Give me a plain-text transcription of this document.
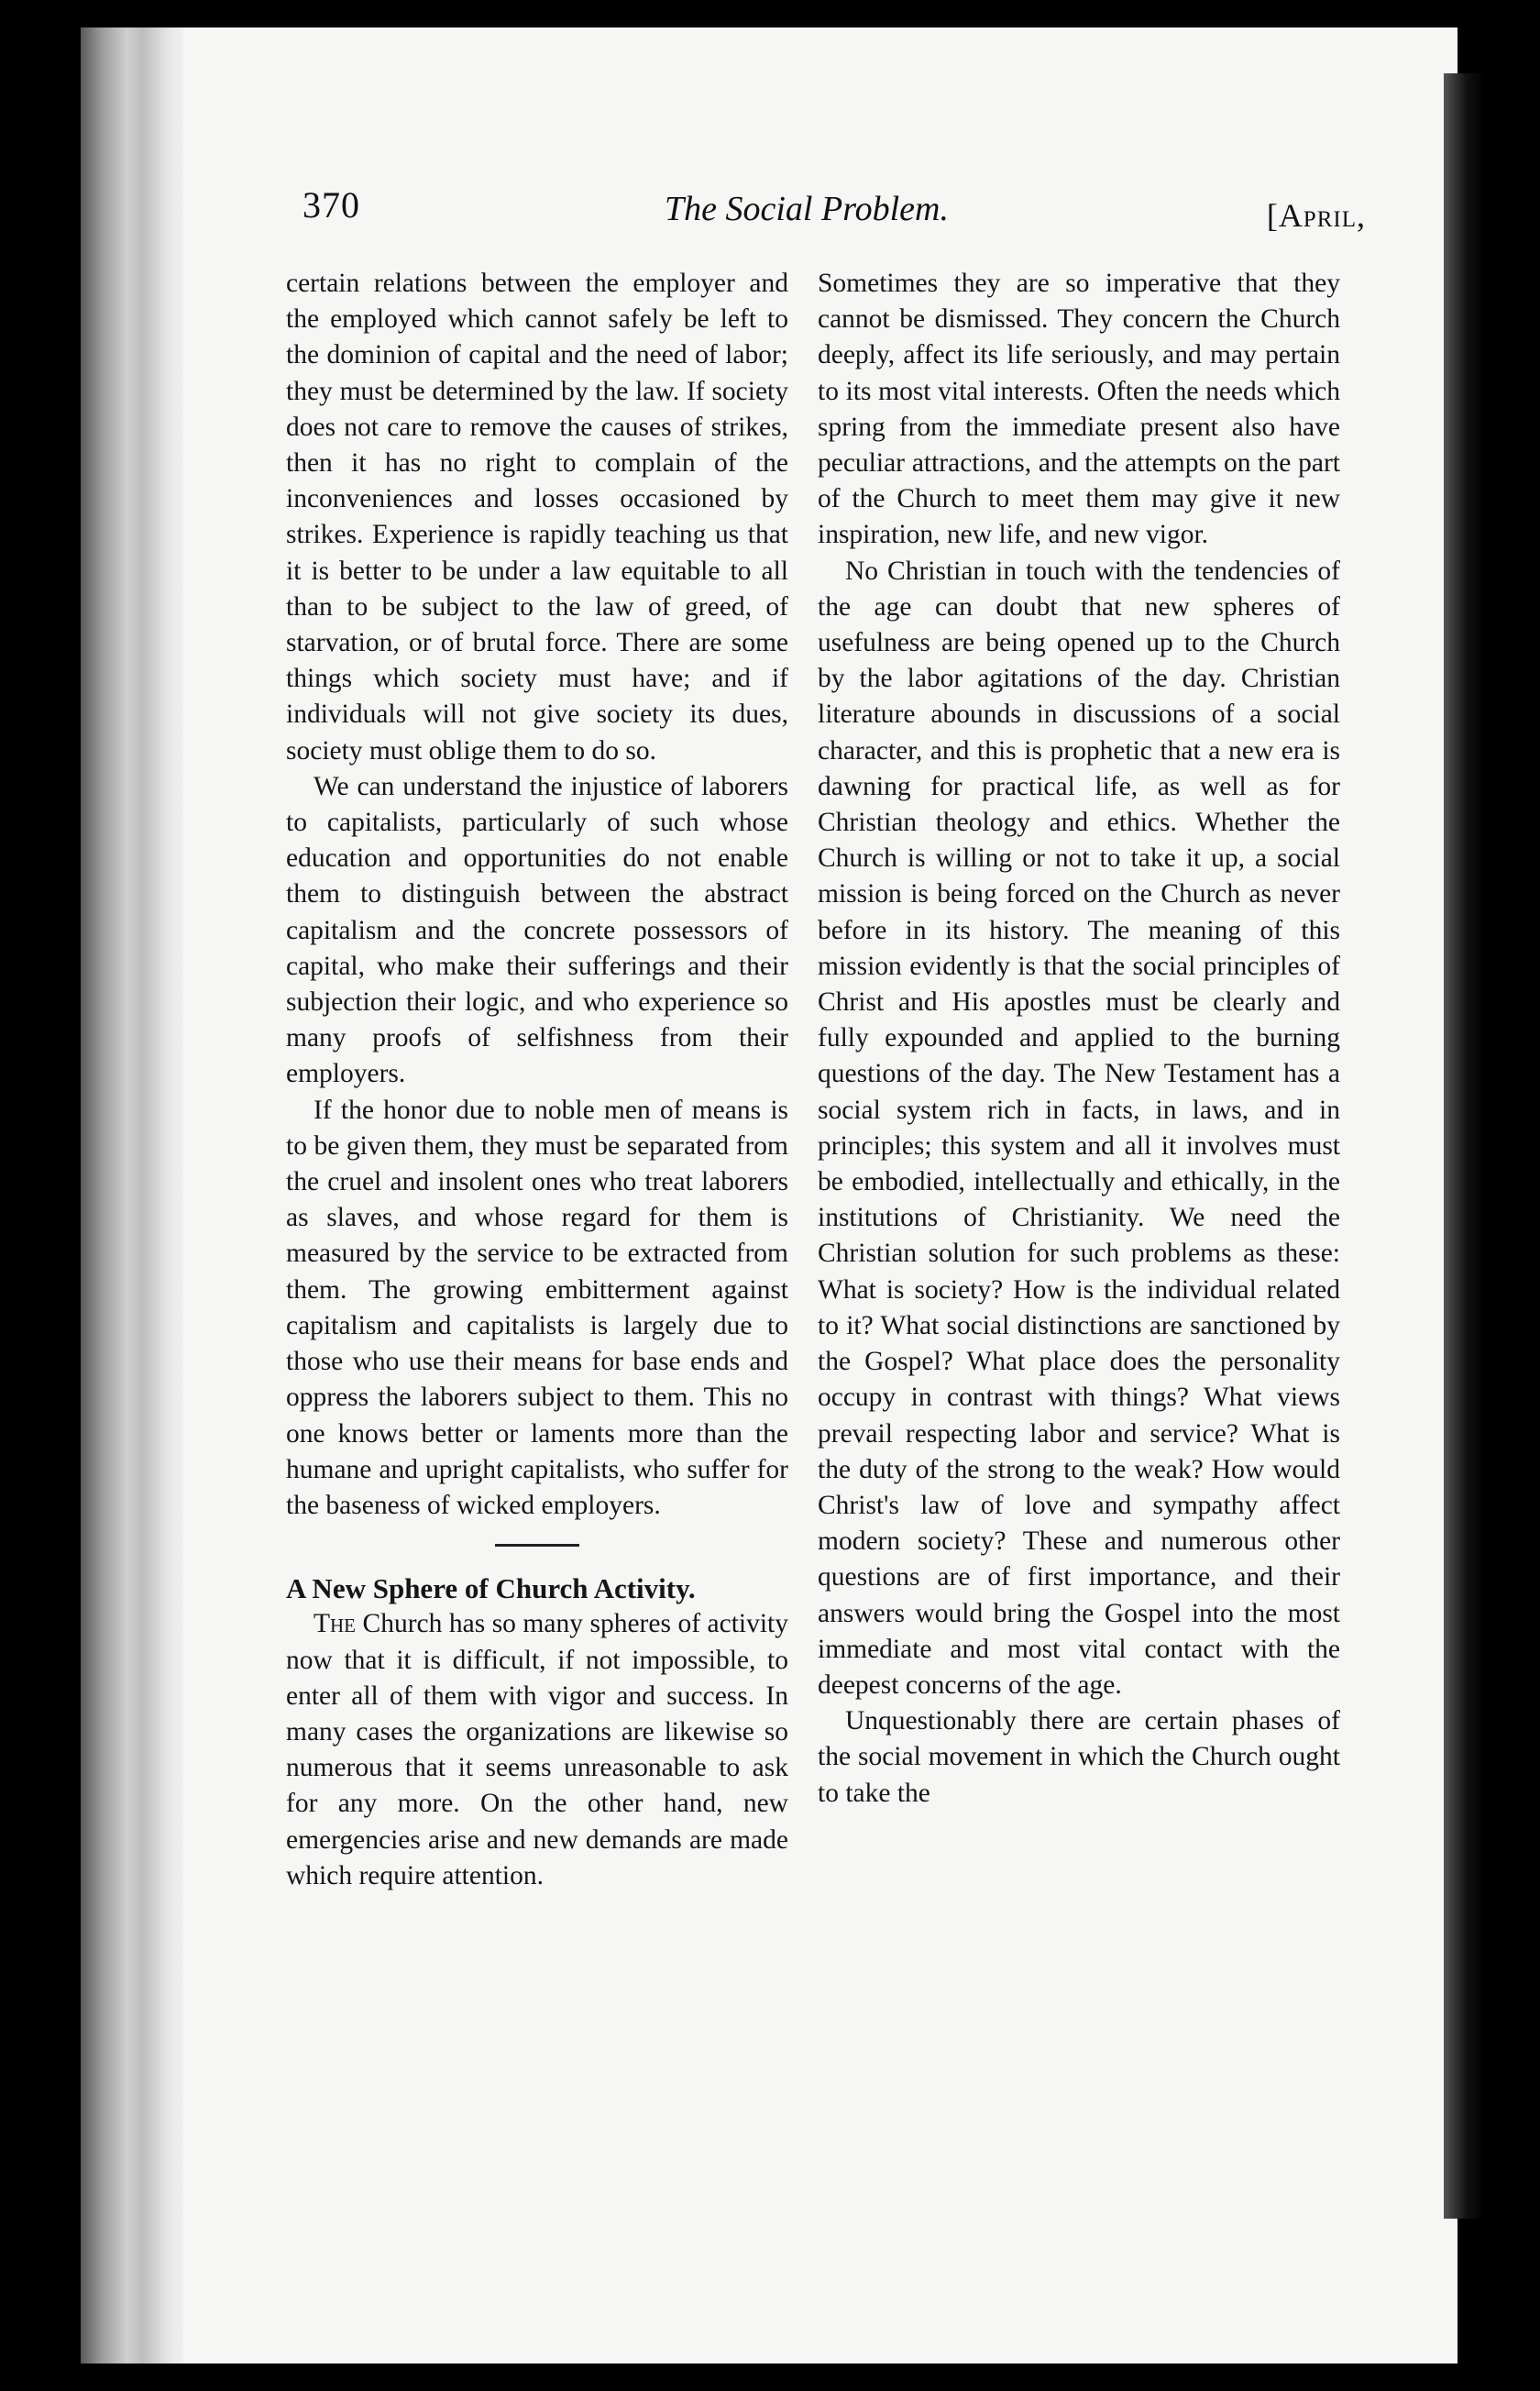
370	The Social Problem.	[April,

certain relations between the employer and the employed which cannot safely be left to the dominion of capital and the need of labor; they must be determined by the law. If society does not care to remove the causes of strikes, then it has no right to complain of the inconveniences and losses occasioned by strikes. Experience is rapidly teaching us that it is better to be under a law equitable to all than to be subject to the law of greed, of starvation, or of brutal force. There are some things which society must have; and if individuals will not give society its dues, society must oblige them to do so.

We can understand the injustice of laborers to capitalists, particularly of such whose education and opportunities do not enable them to distinguish between the abstract capitalism and the concrete possessors of capital, who make their sufferings and their subjection their logic, and who experience so many proofs of selfishness from their employers.

If the honor due to noble men of means is to be given them, they must be separated from the cruel and insolent ones who treat laborers as slaves, and whose regard for them is measured by the service to be extracted from them. The growing embitterment against capitalism and capitalists is largely due to those who use their means for base ends and oppress the laborers subject to them. This no one knows better or laments more than the humane and upright capitalists, who suffer for the baseness of wicked employers.

A New Sphere of Church Activity.

The Church has so many spheres of activity now that it is difficult, if not impossible, to enter all of them with vigor and success. In many cases the organizations are likewise so numerous that it seems unreasonable to ask for any more. On the other hand, new emergencies arise and new demands are made which require attention.

Sometimes they are so imperative that they cannot be dismissed. They concern the Church deeply, affect its life seriously, and may pertain to its most vital interests. Often the needs which spring from the immediate present also have peculiar attractions, and the attempts on the part of the Church to meet them may give it new inspiration, new life, and new vigor.

No Christian in touch with the tendencies of the age can doubt that new spheres of usefulness are being opened up to the Church by the labor agitations of the day. Christian literature abounds in discussions of a social character, and this is prophetic that a new era is dawning for practical life, as well as for Christian theology and ethics. Whether the Church is willing or not to take it up, a social mission is being forced on the Church as never before in its history. The meaning of this mission evidently is that the social principles of Christ and His apostles must be clearly and fully expounded and applied to the burning questions of the day. The New Testament has a social system rich in facts, in laws, and in principles; this system and all it involves must be embodied, intellectually and ethically, in the institutions of Christianity. We need the Christian solution for such problems as these: What is society? How is the individual related to it? What social distinctions are sanctioned by the Gospel? What place does the personality occupy in contrast with things? What views prevail respecting labor and service? What is the duty of the strong to the weak? How would Christ's law of love and sympathy affect modern society? These and numerous other questions are of first importance, and their answers would bring the Gospel into the most immediate and most vital contact with the deepest concerns of the age.

Unquestionably there are certain phases of the social movement in which the Church ought to take the
